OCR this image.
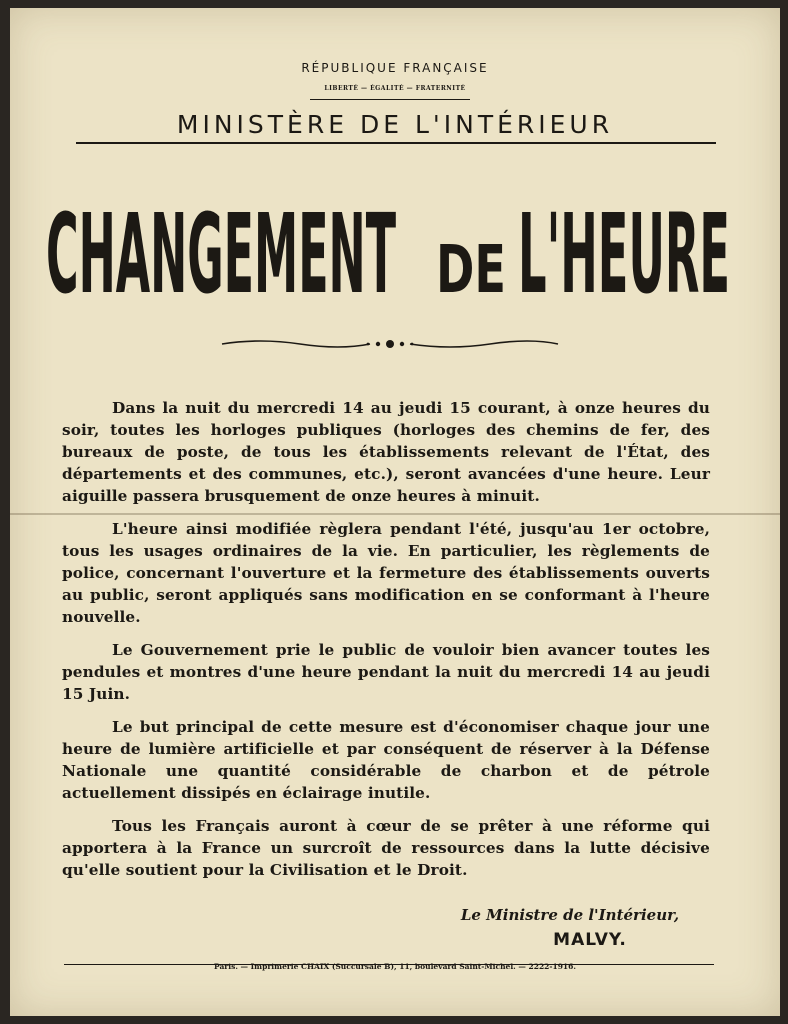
RÉPUBLIQUE FRANÇAISE
LIBERTÉ — ÉGALITÉ — FRATERNITÉ
MINISTÈRE DE L'INTÉRIEUR
CHANGEMENT DE L'HEURE

Dans la nuit du mercredi 14 au jeudi 15 courant, à onze heures du soir, toutes les horloges publiques (horloges des chemins de fer, des bureaux de poste, de tous les établissements relevant de l'État, des départements et des communes, etc.), seront avancées d'une heure. Leur aiguille passera brusquement de onze heures à minuit.

L'heure ainsi modifiée règlera pendant l'été, jusqu'au 1er octobre, tous les usages ordinaires de la vie. En particulier, les règlements de police, concernant l'ouverture et la fermeture des établissements ouverts au public, seront appliqués sans modification en se conformant à l'heure nouvelle.

Le Gouvernement prie le public de vouloir bien avancer toutes les pendules et montres d'une heure pendant la nuit du mercredi 14 au jeudi 15 Juin.

Le but principal de cette mesure est d'économiser chaque jour une heure de lumière artificielle et par conséquent de réserver à la Défense Nationale une quantité considérable de charbon et de pétrole actuellement dissipés en éclairage inutile.

Tous les Français auront à cœur de se prêter à une réforme qui apportera à la France un surcroît de ressources dans la lutte décisive qu'elle soutient pour la Civilisation et le Droit.

Le Ministre de l'Intérieur,
MALVY.
Paris. — Imprimerie CHAIX (Succursale B), 11, boulevard Saint-Michel. — 2222-1916.
